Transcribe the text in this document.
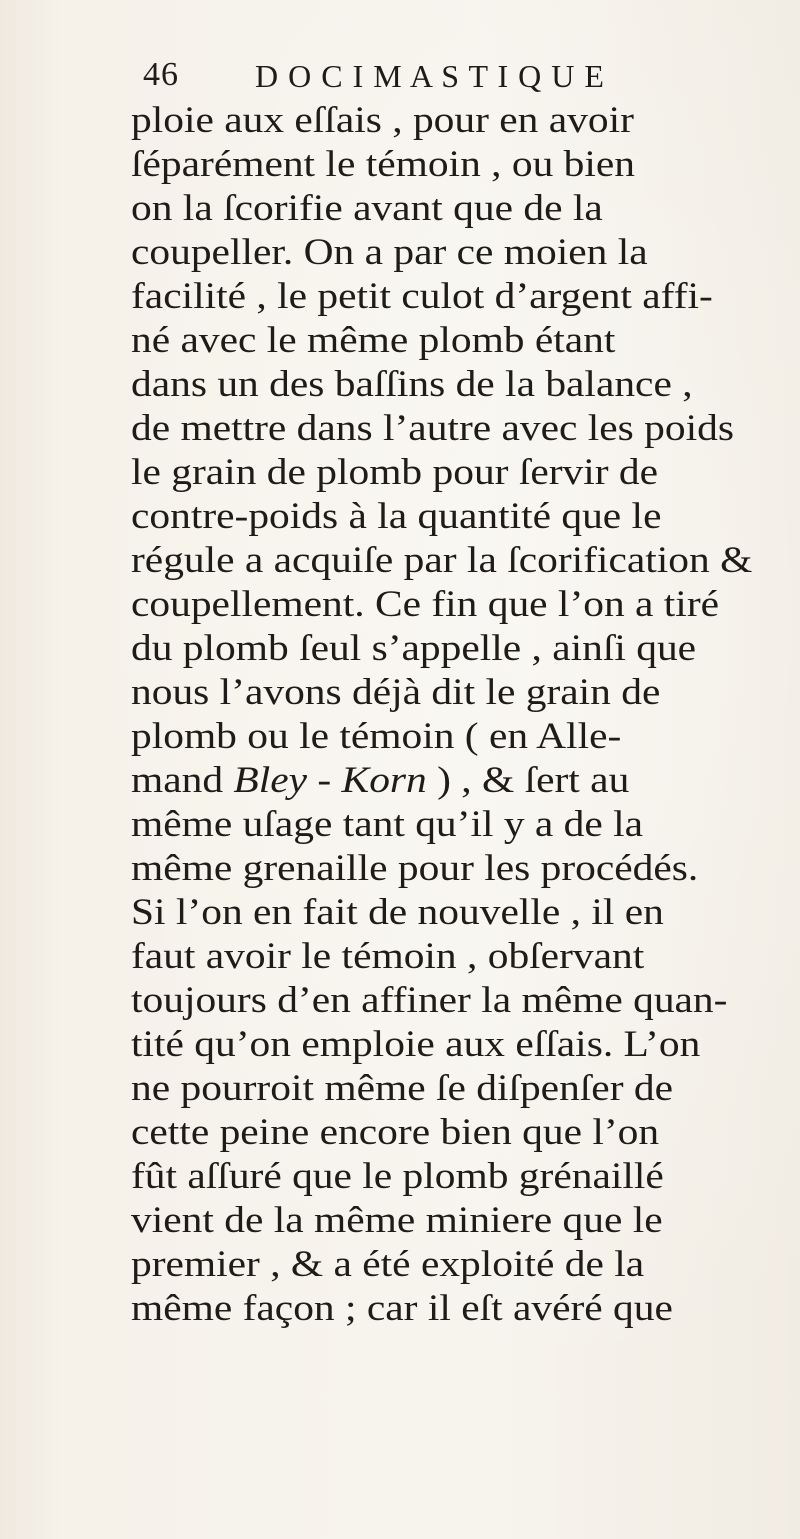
46 D O C I M A S T I Q U E
ploie aux eſſais , pour en avoir
ſéparément le témoin , ou bien
on la ſcorifie avant que de la
coupeller. On a par ce moien la
facilité , le petit culot d’argent affi-
né avec le même plomb étant
dans un des baſſins de la balance ,
de mettre dans l’autre avec les poids
le grain de plomb pour ſervir de
contre-poids à la quantité que le
régule a acquiſe par la ſcorification &
coupellement. Ce fin que l’on a tiré
du plomb ſeul s’appelle , ainſi que
nous l’avons déjà dit le grain de
plomb ou le témoin ( en Alle-
mand Bley - Korn ) , & ſert au
même uſage tant qu’il y a de la
même grenaille pour les procédés.
Si l’on en fait de nouvelle , il en
faut avoir le témoin , obſervant
toujours d’en affiner la même quan-
tité qu’on emploie aux eſſais. L’on
ne pourroit même ſe diſpenſer de
cette peine encore bien que l’on
fût aſſuré que le plomb grénaillé
vient de la même miniere que le
premier , & a été exploité de la
même façon ; car il eſt avéré que
